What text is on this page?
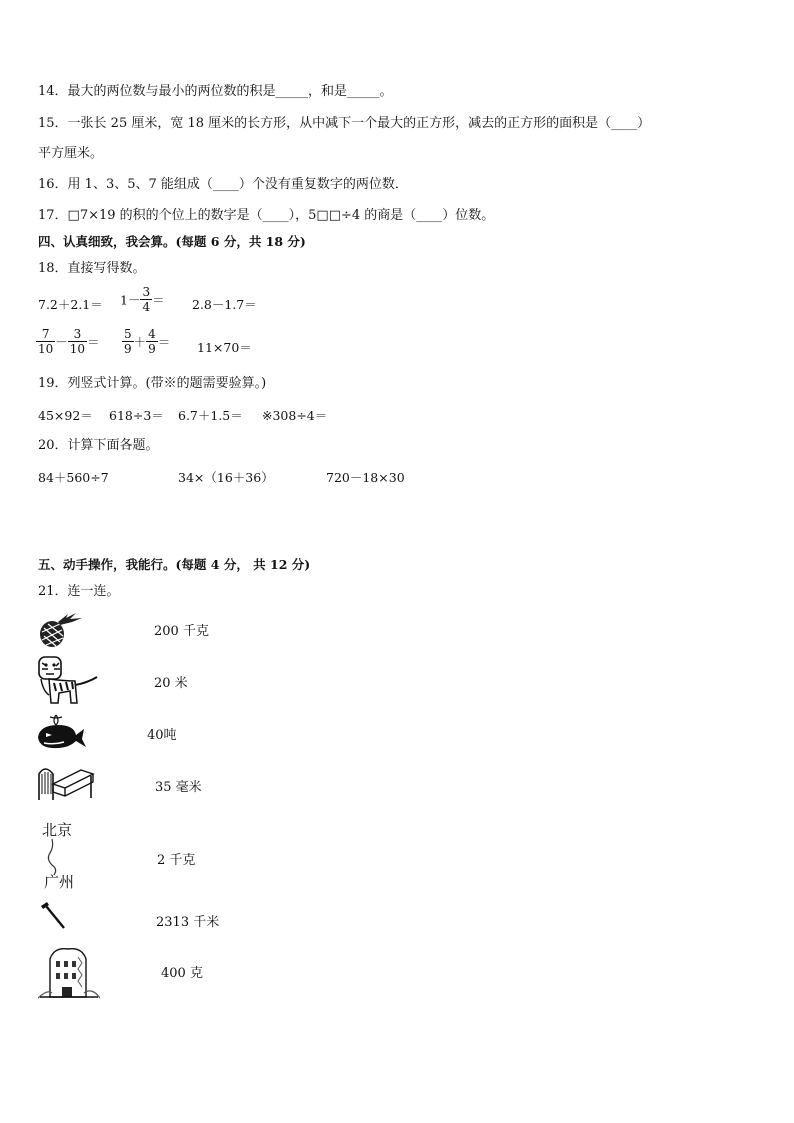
14．最大的两位数与最小的两位数的积是_____，和是_____。
15．一张长 25 厘米，宽 18 厘米的长方形，从中减下一个最大的正方形，减去的正方形的面积是（____）
平方厘米。
16．用 1、3、5、7 能组成（____）个没有重复数字的两位数．
17．□7×19 的积的个位上的数字是（____），5□□÷4 的商是（____）位数。
四、认真细致，我会算。(每题 6 分，共 18 分)
18．直接写得数。
$7.2+2.1= 1- \frac{3}{4} = 2.8-1.7=$
$\frac{7}{10} - \frac{3}{10} = \frac{5}{9} + \frac{4}{9} = 11\times 70=$
19．列竖式计算。(带※的题需要验算。)
45×92＝ 618÷3＝ 6.7＋1.5＝ ※308÷4＝
20．计算下面各题。
84＋560÷7	34×（16＋36）	720－18×30
五、动手操作，我能行。(每题 4 分， 共 12 分)
21．连一连。
200 千克
20 米
40吨
35 毫米
北京
广州
2 千克
2313 千米
400 克
